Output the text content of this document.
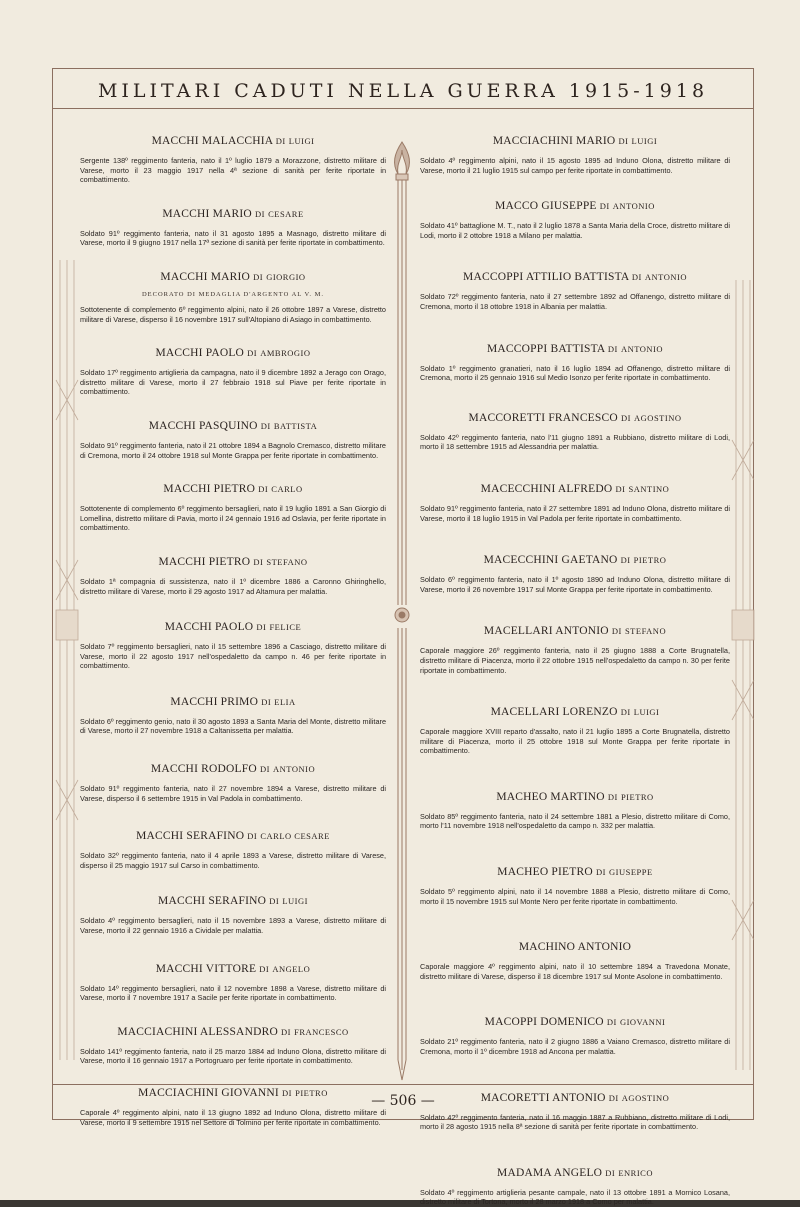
MILITARI CADUTI NELLA GUERRA 1915-1918
MACCHI MALACCHIA DI LUIGI

Sergente 138º reggimento fanteria, nato il 1º luglio 1879 a Morazzone, distretto militare di Varese, morto il 23 maggio 1917 nella 4ª sezione di sanità per ferite riportate in combattimento.

MACCHI MARIO DI CESARE

Soldato 91º reggimento fanteria, nato il 31 agosto 1895 a Masnago, distretto militare di Varese, morto il 9 giugno 1917 nella 17ª sezione di sanità per ferite riportate in combattimento.

MACCHI MARIO DI GIORGIO
DECORATO DI MEDAGLIA D'ARGENTO AL V. M.

Sottotenente di complemento 6º reggimento alpini, nato il 26 ottobre 1897 a Varese, distretto militare di Varese, disperso il 16 novembre 1917 sull'Altopiano di Asiago in combattimento.

MACCHI PAOLO DI AMBROGIO

Soldato 17º reggimento artiglieria da campagna, nato il 9 dicembre 1892 a Jerago con Orago, distretto militare di Varese, morto il 27 febbraio 1918 sul Piave per ferite riportate in combattimento.

MACCHI PASQUINO DI BATTISTA

Soldato 91º reggimento fanteria, nato il 21 ottobre 1894 a Bagnolo Cremasco, distretto militare di Cremona, morto il 24 ottobre 1918 sul Monte Grappa per ferite riportate in combattimento.

MACCHI PIETRO DI CARLO

Sottotenente di complemento 6º reggimento bersaglieri, nato il 19 luglio 1891 a San Giorgio di Lomellina, distretto militare di Pavia, morto il 24 gennaio 1916 ad Oslavia, per ferite riportate in combattimento.

MACCHI PIETRO DI STEFANO

Soldato 1ª compagnia di sussistenza, nato il 1º dicembre 1886 a Caronno Ghiringhello, distretto militare di Varese, morto il 29 agosto 1917 ad Altamura per malattia.

MACCHI PAOLO DI FELICE

Soldato 7º reggimento bersaglieri, nato il 15 settembre 1896 a Casciago, distretto militare di Varese, morto il 22 agosto 1917 nell'ospedaletto da campo n. 46 per ferite riportate in combattimento.

MACCHI PRIMO DI ELIA

Soldato 6º reggimento genio, nato il 30 agosto 1893 a Santa Maria del Monte, distretto militare di Varese, morto il 27 novembre 1918 a Caltanissetta per malattia.

MACCHI RODOLFO DI ANTONIO

Soldato 91º reggimento fanteria, nato il 27 novembre 1894 a Varese, distretto militare di Varese, disperso il 6 settembre 1915 in Val Padola in combattimento.

MACCHI SERAFINO DI CARLO CESARE

Soldato 32º reggimento fanteria, nato il 4 aprile 1893 a Varese, distretto militare di Varese, disperso il 25 maggio 1917 sul Carso in combattimento.

MACCHI SERAFINO DI LUIGI

Soldato 4º reggimento bersaglieri, nato il 15 novembre 1893 a Varese, distretto militare di Varese, morto il 22 gennaio 1916 a Cividale per malattia.

MACCHI VITTORE DI ANGELO

Soldato 14º reggimento bersaglieri, nato il 12 novembre 1898 a Varese, distretto militare di Varese, morto il 7 novembre 1917 a Sacile per ferite riportate in combattimento.

MACCIACHINI ALESSANDRO DI FRANCESCO

Soldato 141º reggimento fanteria, nato il 25 marzo 1884 ad Induno Olona, distretto militare di Varese, morto il 16 gennaio 1917 a Portogruaro per ferite riportate in combattimento.

MACCIACHINI GIOVANNI DI PIETRO

Caporale 4º reggimento alpini, nato il 13 giugno 1892 ad Induno Olona, distretto militare di Varese, morto il 9 settembre 1915 nel Settore di Tolmino per ferite riportate in combattimento.

MACCIACHINI MARIO DI LUIGI

Soldato 4º reggimento alpini, nato il 15 agosto 1895 ad Induno Olona, distretto militare di Varese, morto il 21 luglio 1915 sul campo per ferite riportate in combattimento.

MACCO GIUSEPPE DI ANTONIO

Soldato 41º battaglione M. T., nato il 2 luglio 1878 a Santa Maria della Croce, distretto militare di Lodi, morto il 2 ottobre 1918 a Milano per malattia.

MACCOPPI ATTILIO BATTISTA DI ANTONIO

Soldato 72º reggimento fanteria, nato il 27 settembre 1892 ad Offanengo, distretto militare di Cremona, morto il 18 ottobre 1918 in Albania per malattia.

MACCOPPI BATTISTA DI ANTONIO

Soldato 1º reggimento granatieri, nato il 16 luglio 1894 ad Offanengo, distretto militare di Cremona, morto il 25 gennaio 1916 sul Medio Isonzo per ferite riportate in combattimento.

MACCORETTI FRANCESCO DI AGOSTINO

Soldato 42º reggimento fanteria, nato l'11 giugno 1891 a Rubbiano, distretto militare di Lodi, morto il 18 settembre 1915 ad Alessandria per malattia.

MACECCHINI ALFREDO DI SANTINO

Soldato 91º reggimento fanteria, nato il 27 settembre 1891 ad Induno Olona, distretto militare di Varese, morto il 18 luglio 1915 in Val Padola per ferite riportate in combattimento.

MACECCHINI GAETANO DI PIETRO

Soldato 6º reggimento fanteria, nato il 1º agosto 1890 ad Induno Olona, distretto militare di Varese, morto il 26 novembre 1917 sul Monte Grappa per ferite riportate in combattimento.

MACELLARI ANTONIO DI STEFANO

Caporale maggiore 26º reggimento fanteria, nato il 25 giugno 1888 a Corte Brugnatella, distretto militare di Piacenza, morto il 22 ottobre 1915 nell'ospedaletto da campo n. 30 per ferite riportate in combattimento.

MACELLARI LORENZO DI LUIGI

Caporale maggiore XVIII reparto d'assalto, nato il 21 luglio 1895 a Corte Brugnatella, distretto militare di Piacenza, morto il 25 ottobre 1918 sul Monte Grappa per ferite riportate in combattimento.

MACHEO MARTINO DI PIETRO

Soldato 85º reggimento fanteria, nato il 24 settembre 1881 a Plesio, distretto militare di Como, morto l'11 novembre 1918 nell'ospedaletto da campo n. 332 per malattia.

MACHEO PIETRO DI GIUSEPPE

Soldato 5º reggimento alpini, nato il 14 novembre 1888 a Plesio, distretto militare di Como, morto il 15 novembre 1915 sul Monte Nero per ferite riportate in combattimento.

MACHINO ANTONIO

Caporale maggiore 4º reggimento alpini, nato il 10 settembre 1894 a Travedona Monate, distretto militare di Varese, disperso il 18 dicembre 1917 sul Monte Asolone in combattimento.

MACOPPI DOMENICO DI GIOVANNI

Soldato 21º reggimento fanteria, nato il 2 giugno 1886 a Vaiano Cremasco, distretto militare di Cremona, morto il 1º dicembre 1918 ad Ancona per malattia.

MACORETTI ANTONIO DI AGOSTINO

Soldato 42º reggimento fanteria, nato il 16 maggio 1887 a Rubbiano, distretto militare di Lodi, morto il 28 agosto 1915 nella 8ª sezione di sanità per ferite riportate in combattimento.

MADAMA ANGELO DI ENRICO

Soldato 4º reggimento artiglieria pesante campale, nato il 13 ottobre 1891 a Mornico Losana, distretto militare di Tortona, morto il 28 marzo 1918 a Como per malattia.

— 506 —
